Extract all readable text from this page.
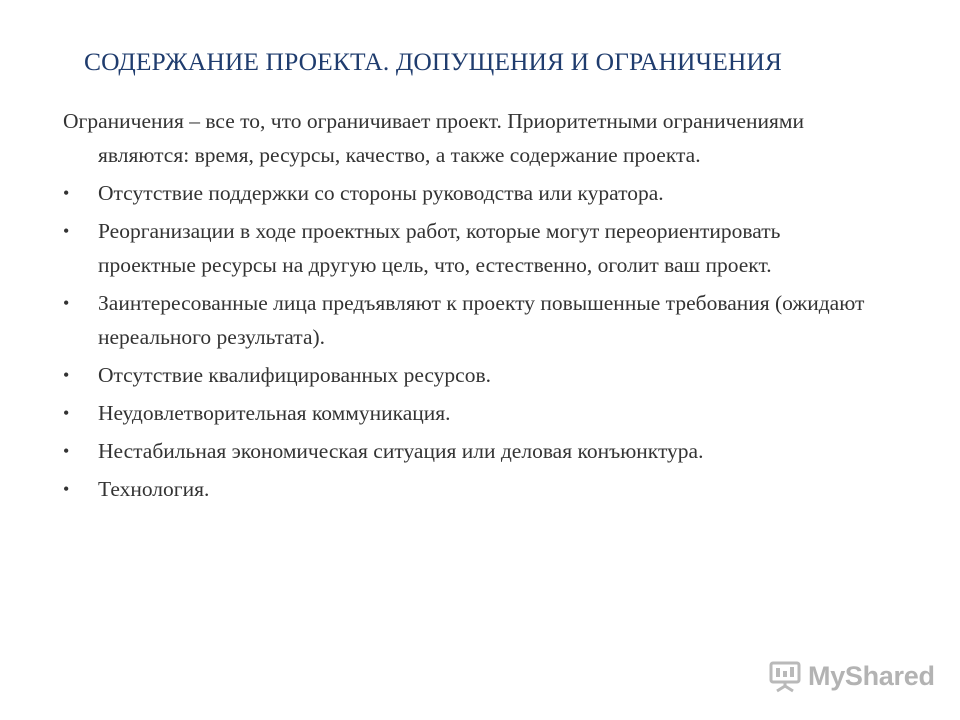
СОДЕРЖАНИЕ ПРОЕКТА. ДОПУЩЕНИЯ И ОГРАНИЧЕНИЯ

Ограничения – все то, что ограничивает проект. Приоритетными ограничениями являются: время, ресурсы, качество, а также содержание проекта.

•	Отсутствие поддержки со стороны руководства или куратора.
•	Реорганизации в ходе проектных работ, которые могут переориентировать проектные ресурсы на другую цель, что, естественно, оголит ваш проект.
•	Заинтересованные лица предъявляют к проекту повышенные требования (ожидают нереального результата).
•	Отсутствие квалифицированных ресурсов.
•	Неудовлетворительная коммуникация.
•	Нестабильная экономическая ситуация или деловая конъюнктура.
•	Технология.
MyShared
